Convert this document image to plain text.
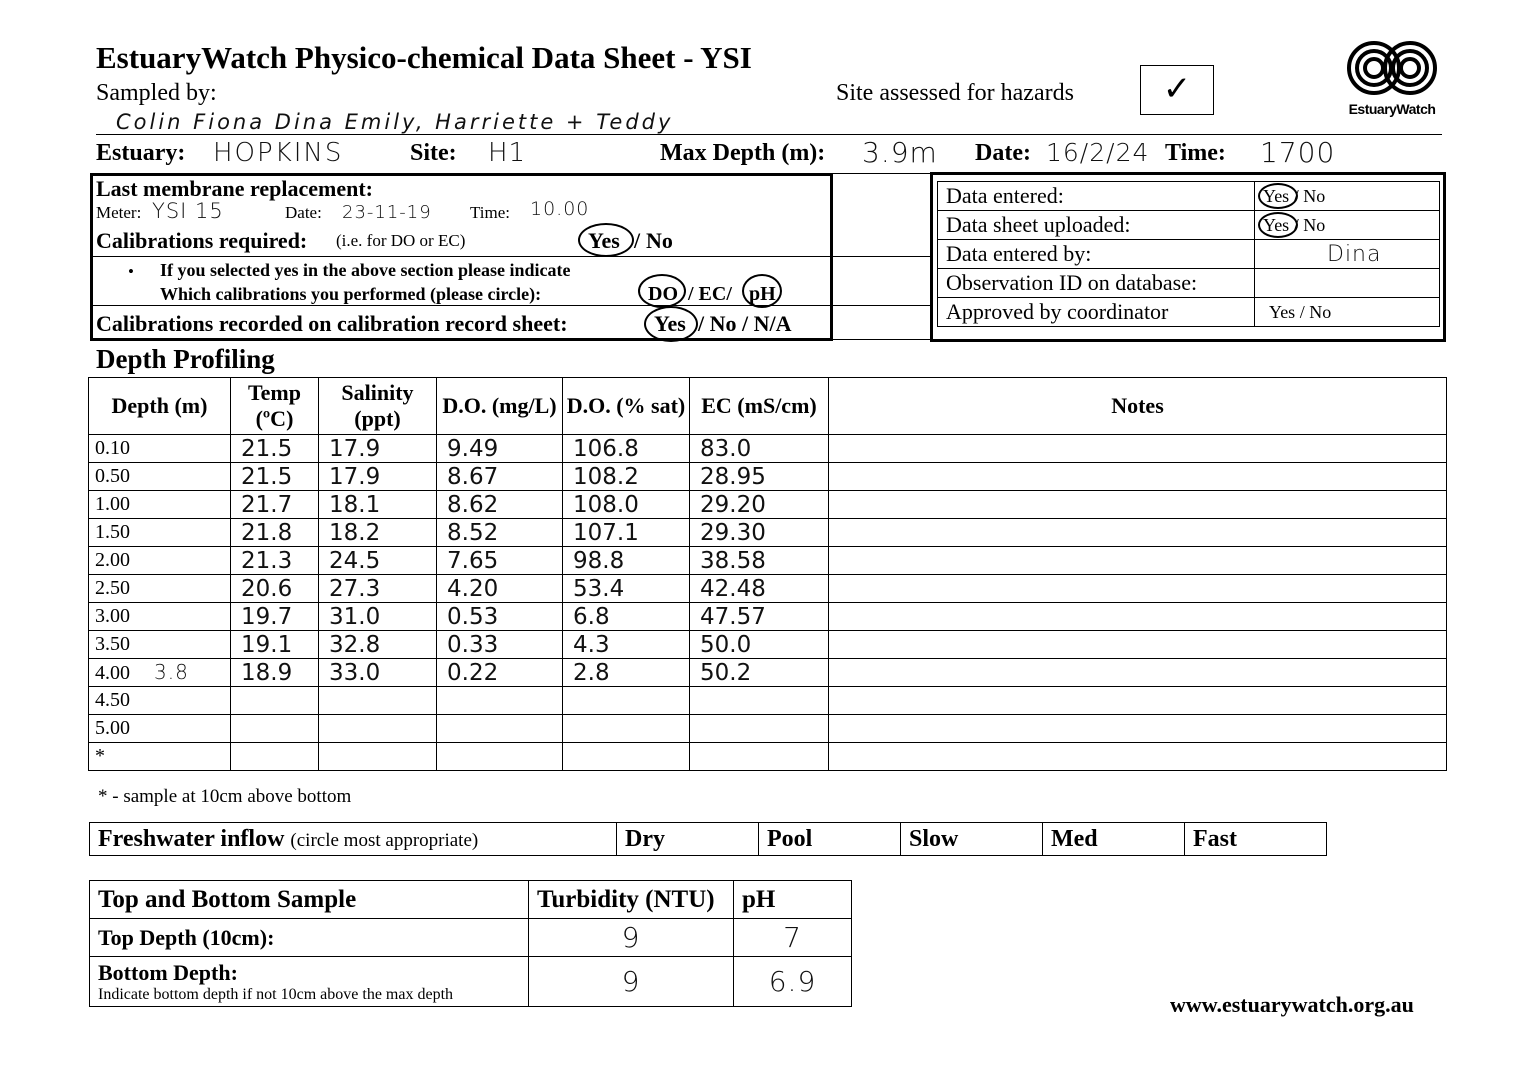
EstuaryWatch Physico-chemical Data Sheet - YSI
Sampled by:
Colin Fiona Dina Emily, Harriette + Teddy
Site assessed for hazards	✓	EstuaryWatch
Estuary: HOPKINS	Site: H1	Max Depth (m): 3.9m Date: 16/2/24 Time: 1700
Last membrane replacement:
Meter: YSI 15	Date: 23-11-19 Time: 10.00
Calibrations required: (i.e. for DO or EC)	Yes / No
• If you selected yes in the above section please indicate
Which calibrations you performed (please circle):	DO / EC/ pH
Calibrations recorded on calibration record sheet:	Yes / No / N/A
Data entered:	Yes / No

Data sheet uploaded:	Yes / No

Data entered by:	Dina
Observation ID on database:	
Approved by coordinator	Yes / No
Depth Profiling
Depth (m)	Temp (ºC)	Salinity (ppt)	D.O. (mg/L)	D.O. (% sat)	EC (mS/cm)	Notes
0.10	21.5	17.9	9.49	106.8	83.0	
0.50	21.5	17.9	8.67	108.2	28.95	
1.00	21.7	18.1	8.62	108.0	29.20	
1.50	21.8	18.2	8.52	107.1	29.30	
2.00	21.3	24.5	7.65	98.8	38.58	
2.50	20.6	27.3	4.20	53.4	42.48	
3.00	19.7	31.0	0.53	6.8	47.57	
3.50	19.1	32.8	0.33	4.3	50.0	
4.00 3.8	18.9	33.0	0.22	2.8	50.2	
4.50						
5.00						
*						
* - sample at 10cm above bottom
Freshwater inflow (circle most appropriate)	Dry	Pool	Slow	Med	Fast
Top and Bottom Sample	Turbidity (NTU)	pH
Top Depth (10cm):	9	7

Bottom Depth:
Indicate bottom depth if not 10cm above the max depth	9	6.9
www.estuarywatch.org.au
